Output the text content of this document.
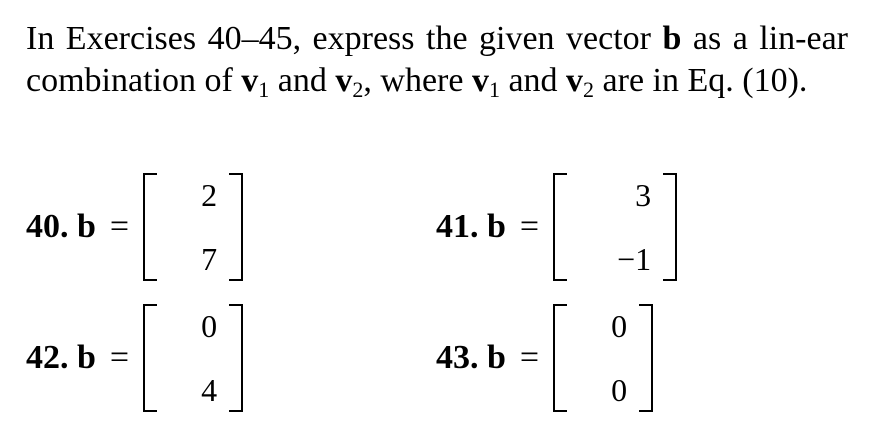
In Exercises 40–45, express the given vector b as a lin-ear combination of $v_1$ and $v_2$, where $v_1$ and $v_2$ are in Eq. (10).
40. b =
2
7
41. b =
3
−1
42. b =
0
4
43. b =
0
0
